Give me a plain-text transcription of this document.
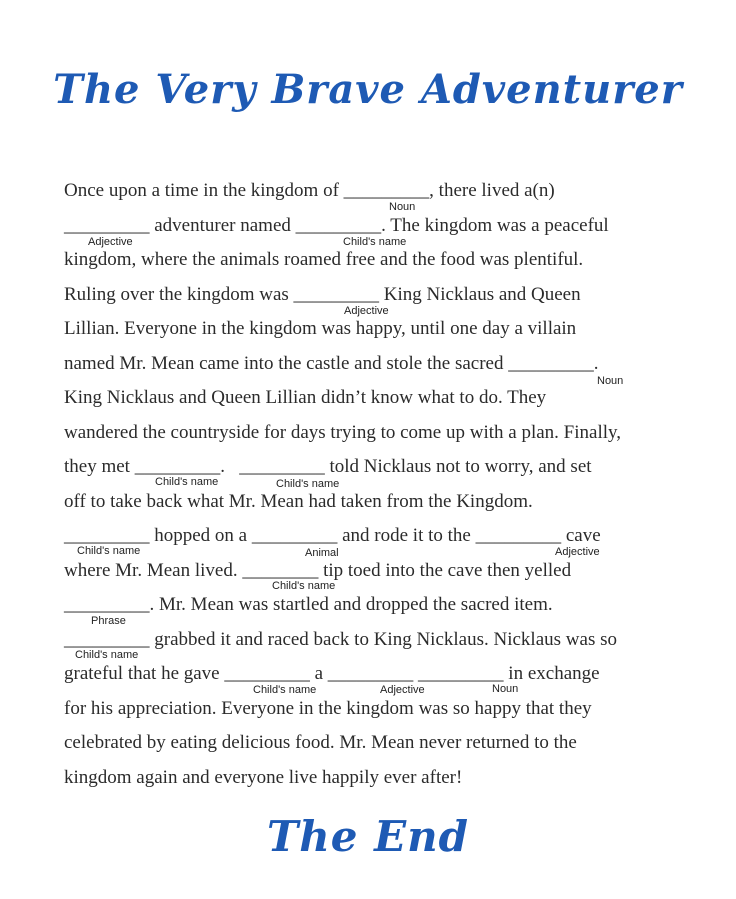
The Very Brave Adventurer
Once upon a time in the kingdom of _________, there lived a(n)
_________ adventurer named _________. The kingdom was a peaceful
kingdom, where the animals roamed free and the food was plentiful.
Ruling over the kingdom was _________ King Nicklaus and Queen
Lillian. Everyone in the kingdom was happy, until one day a villain
named Mr. Mean came into the castle and stole the sacred _________.
King Nicklaus and Queen Lillian didn’t know what to do. They
wandered the countryside for days trying to come up with a plan. Finally,
they met _________.   _________ told Nicklaus not to worry, and set
off to take back what Mr. Mean had taken from the Kingdom.
_________ hopped on a _________ and rode it to the _________ cave
where Mr. Mean lived. ________ tip toed into the cave then yelled
_________. Mr. Mean was startled and dropped the sacred item.
_________ grabbed it and raced back to King Nicklaus. Nicklaus was so
grateful that he gave _________ a _________ _________ in exchange
for his appreciation. Everyone in the kingdom was so happy that they
celebrated by eating delicious food. Mr. Mean never returned to the
kingdom again and everyone live happily ever after!
Noun
Adjective	Child's name
Adjective
Noun
Child's name	Child's name
Child's name	Animal	Adjective
Child's name
Phrase
Child's name
Child's name	Adjective	Noun
The End
